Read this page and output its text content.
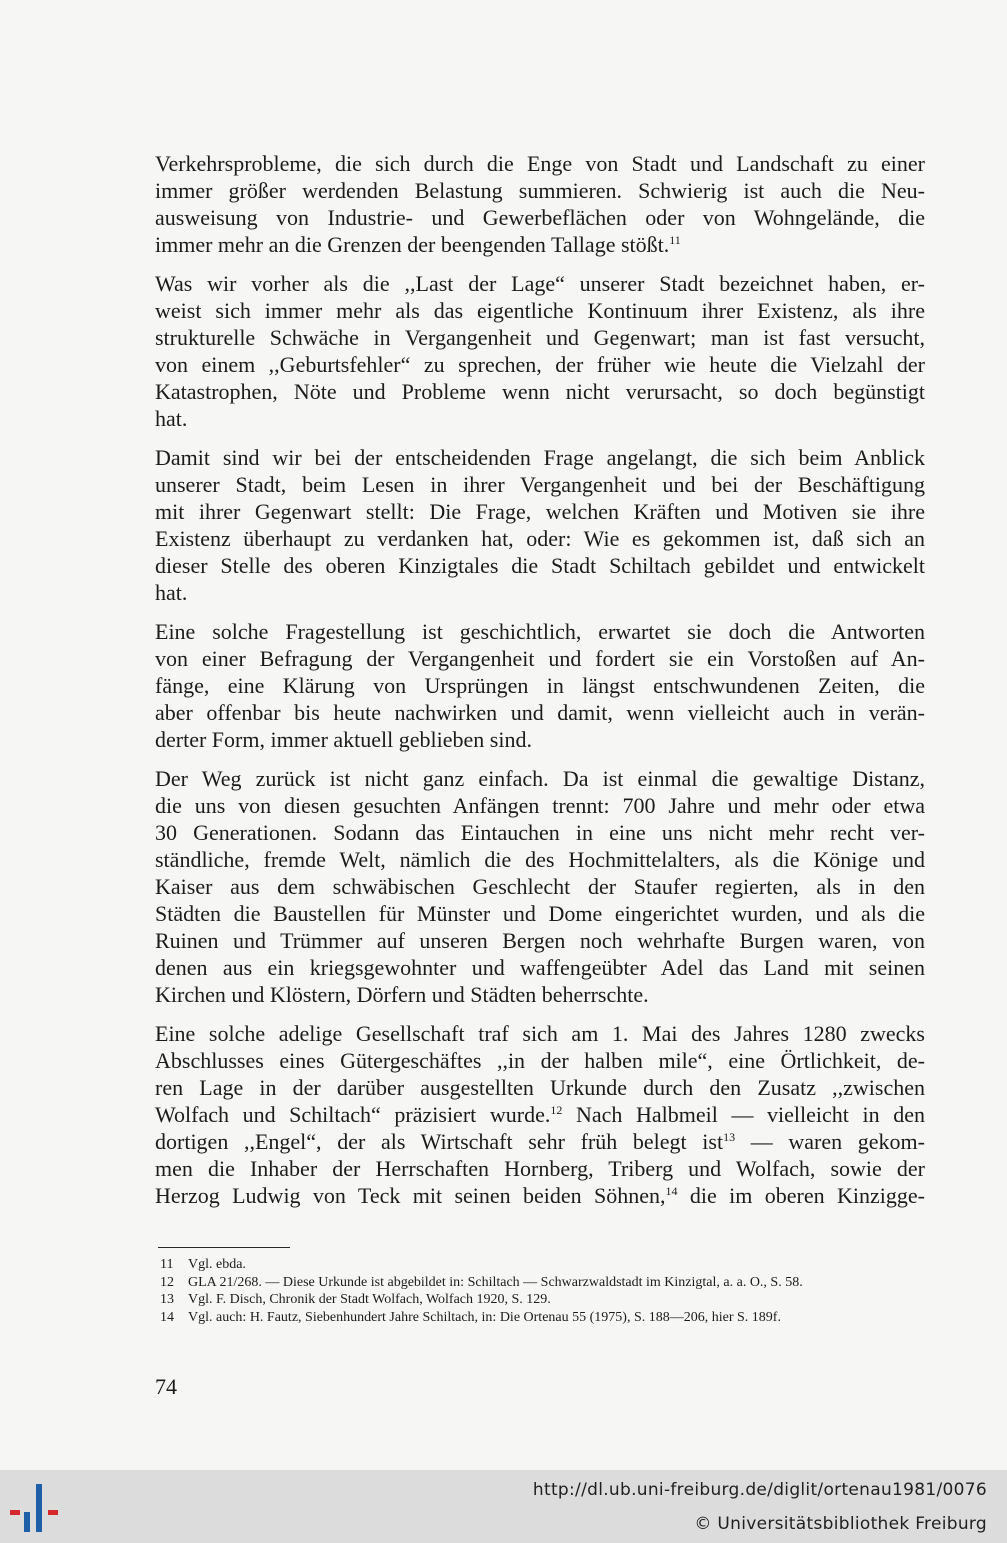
Verkehrsprobleme, die sich durch die Enge von Stadt und Landschaft zu einer
immer größer werdenden Belastung summieren. Schwierig ist auch die Neu-
ausweisung von Industrie- und Gewerbeflächen oder von Wohngelände, die
immer mehr an die Grenzen der beengenden Tallage stößt.$^{11}$

Was wir vorher als die ,,Last der Lage“ unserer Stadt bezeichnet haben, er-
weist sich immer mehr als das eigentliche Kontinuum ihrer Existenz, als ihre
strukturelle Schwäche in Vergangenheit und Gegenwart; man ist fast versucht,
von einem ,,Geburtsfehler“ zu sprechen, der früher wie heute die Vielzahl der
Katastrophen, Nöte und Probleme wenn nicht verursacht, so doch begünstigt
hat.

Damit sind wir bei der entscheidenden Frage angelangt, die sich beim Anblick
unserer Stadt, beim Lesen in ihrer Vergangenheit und bei der Beschäftigung
mit ihrer Gegenwart stellt: Die Frage, welchen Kräften und Motiven sie ihre
Existenz überhaupt zu verdanken hat, oder: Wie es gekommen ist, daß sich an
dieser Stelle des oberen Kinzigtales die Stadt Schiltach gebildet und entwickelt
hat.

Eine solche Fragestellung ist geschichtlich, erwartet sie doch die Antworten
von einer Befragung der Vergangenheit und fordert sie ein Vorstoßen auf An-
fänge, eine Klärung von Ursprüngen in längst entschwundenen Zeiten, die
aber offenbar bis heute nachwirken und damit, wenn vielleicht auch in verän-
derter Form, immer aktuell geblieben sind.

Der Weg zurück ist nicht ganz einfach. Da ist einmal die gewaltige Distanz,
die uns von diesen gesuchten Anfängen trennt: 700 Jahre und mehr oder etwa
30 Generationen. Sodann das Eintauchen in eine uns nicht mehr recht ver-
ständliche, fremde Welt, nämlich die des Hochmittelalters, als die Könige und
Kaiser aus dem schwäbischen Geschlecht der Staufer regierten, als in den
Städten die Baustellen für Münster und Dome eingerichtet wurden, und als die
Ruinen und Trümmer auf unseren Bergen noch wehrhafte Burgen waren, von
denen aus ein kriegsgewohnter und waffengeübter Adel das Land mit seinen
Kirchen und Klöstern, Dörfern und Städten beherrschte.

Eine solche adelige Gesellschaft traf sich am 1. Mai des Jahres 1280 zwecks
Abschlusses eines Gütergeschäftes ,,in der halben mile“, eine Örtlichkeit, de-
ren Lage in der darüber ausgestellten Urkunde durch den Zusatz ,,zwischen
Wolfach und Schiltach“ präzisiert wurde.$^{12}$ Nach Halbmeil — vielleicht in den
dortigen ,,Engel“, der als Wirtschaft sehr früh belegt ist$^{13}$ — waren gekom-
men die Inhaber der Herrschaften Hornberg, Triberg und Wolfach, sowie der
Herzog Ludwig von Teck mit seinen beiden Söhnen,$^{14}$ die im oberen Kinzigge-

11	Vgl. ebda.
12	GLA 21/268. — Diese Urkunde ist abgebildet in: Schiltach — Schwarzwaldstadt im Kinzigtal, a. a. O., S. 58.
13	Vgl. F. Disch, Chronik der Stadt Wolfach, Wolfach 1920, S. 129.
14	Vgl. auch: H. Fautz, Siebenhundert Jahre Schiltach, in: Die Ortenau 55 (1975), S. 188—206, hier S. 189f.
74
http://dl.ub.uni-freiburg.de/diglit/ortenau1981/0076
© Universitätsbibliothek Freiburg
